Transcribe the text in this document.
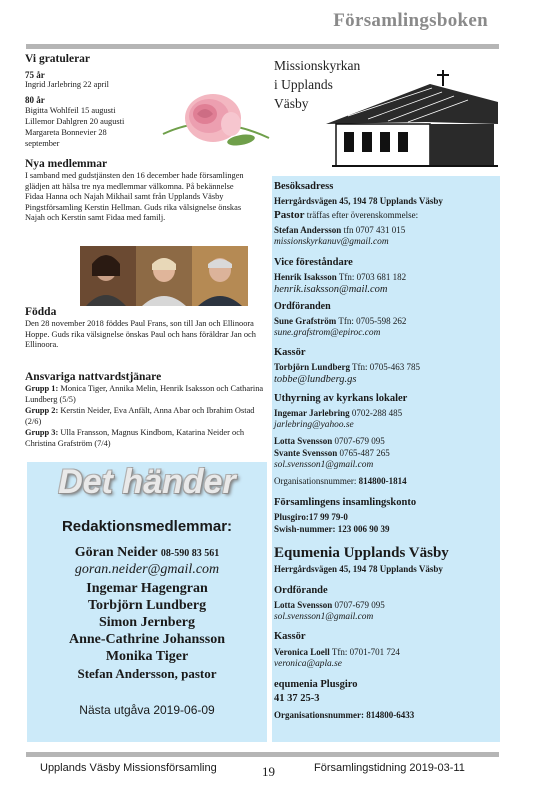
Församlingsboken
Vi gratulerar
75 år
Ingrid Jarlebring 22 april
80 år
Bigitta Wohlfeil 15 augusti
Lillemor Dahlgren 20 augusti
Margareta Bonnevier 28
september
Nya medlemmar
I samband med gudstjänsten den 16 december hade församlingen glädjen att hälsa tre nya medlemmar välkomna. På bekännelse Fidaa Hanna och Najah Mikhail samt från Upplands Väsby Pingstförsamling Kerstin Hellman. Guds rika välsignelse önskas Najah och Kerstin samt Fidaa med familj.
Födda
Den 28 november 2018 föddes Paul Frans, son till Jan och Ellinoora Hoppe. Guds rika välsignelse önskas Paul och hans föräldrar Jan och Ellinoora.
Ansvariga nattvardstjänare
Grupp 1: Monica Tiger, Annika Melin, Henrik Isaksson och Catharina Lundberg (5/5)
Grupp 2: Kerstin Neider, Eva Anfält, Anna Abar och Ibrahim Ostad (2/6)
Grupp 3: Ulla Fransson, Magnus Kindbom, Katarina Neider och Christina Grafström (7/4)
Det händer
Redaktionsmedlemmar:
Göran Neider 08-590 83 561
goran.neider@gmail.com
Ingemar Hagengran
Torbjörn Lundberg
Simon Jernberg
Anne-Cathrine Johansson
Monika Tiger
Stefan Andersson, pastor
Nästa utgåva 2019-06-09
Missionskyrkan
i Upplands
Väsby
Besöksadress
Herrgårdsvägen 45, 194 78 Upplands Väsby
Pastor träffas efter överenskommelse:
Stefan Andersson tfn 0707 431 015
missionskyrkanuv@gmail.com
Vice föreståndare
Henrik Isaksson Tfn: 0703 681 182
henrik.isaksson@mail.com
Ordföranden
Sune Grafström Tfn: 0705-598 262
sune.grafstrom@epiroc.com
Kassör
Torbjörn Lundberg Tfn: 0705-463 785
tobbe@lundberg.gs
Uthyrning av kyrkans lokaler
Ingemar Jarlebring 0702-288 485
jarlebring@yahoo.se
Lotta Svensson 0707-679 095
Svante Svensson 0765-487 265
sol.svensson1@gmail.com
Organisationsnummer: 814800-1814
Församlingens insamlingskonto
Plusgiro:17 99 79-0
Swish-nummer: 123 006 90 39
Equmenia Upplands Väsby
Herrgårdsvägen 45, 194 78 Upplands Väsby
Ordförande
Lotta Svensson 0707-679 095
sol.svensson1@gmail.com
Kassör
Veronica Loell Tfn: 0701-701 724
veronica@apla.se
equmenia Plusgiro
41 37 25-3
Organisationsnummer: 814800-6433
Upplands Väsby Missionsförsamling	19	Församlingstidning 2019-03-11
